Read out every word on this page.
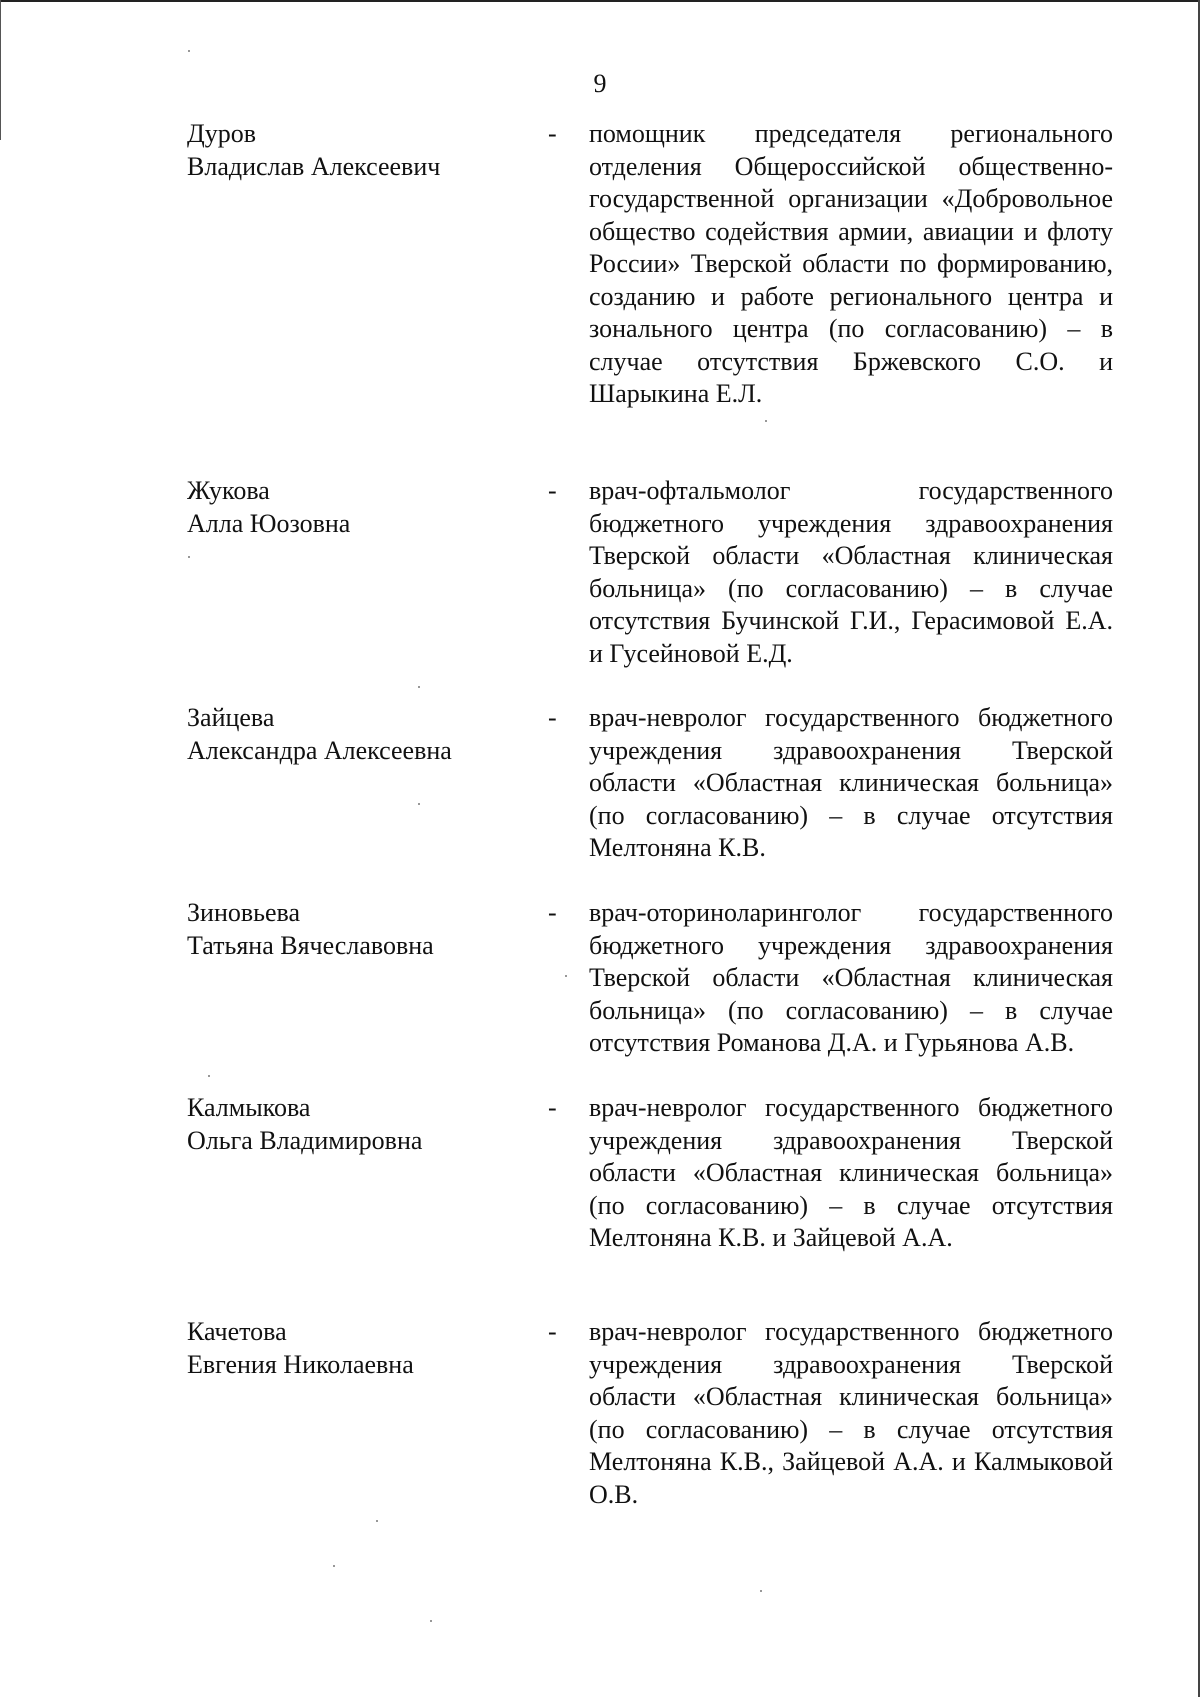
9
Дуров
Владислав Алексеевич
-	помощник председателя регионального отделения Общероссийской общественно-государственной организации «Добровольное общество содействия армии, авиации и флоту России» Тверской области по формированию, созданию и работе регионального центра и зонального центра (по согласованию) – в случае отсутствия Бржевского С.О. и Шарыкина Е.Л.
Жукова
Алла Юозовна
-	врач-офтальмолог государственного бюджетного учреждения здравоохранения Тверской области «Областная клиническая больница» (по согласованию) – в случае отсутствия Бучинской Г.И., Герасимовой Е.А. и Гусейновой Е.Д.
Зайцева
Александра Алексеевна
-	врач-невролог государственного бюджетного учреждения здравоохранения Тверской области «Областная клиническая больница» (по согласованию) – в случае отсутствия Мелтоняна К.В.
Зиновьева
Татьяна Вячеславовна
-	врач-оториноларинголог государственного бюджетного учреждения здравоохранения Тверской области «Областная клиническая больница» (по согласованию) – в случае отсутствия Романова Д.А. и Гурьянова А.В.
Калмыкова
Ольга Владимировна
-	врач-невролог государственного бюджетного учреждения здравоохранения Тверской области «Областная клиническая больница» (по согласованию) – в случае отсутствия Мелтоняна К.В. и Зайцевой А.А.
Качетова
Евгения Николаевна
-	врач-невролог государственного бюджетного учреждения здравоохранения Тверской области «Областная клиническая больница» (по согласованию) – в случае отсутствия Мелтоняна К.В., Зайцевой А.А. и Калмыковой О.В.
